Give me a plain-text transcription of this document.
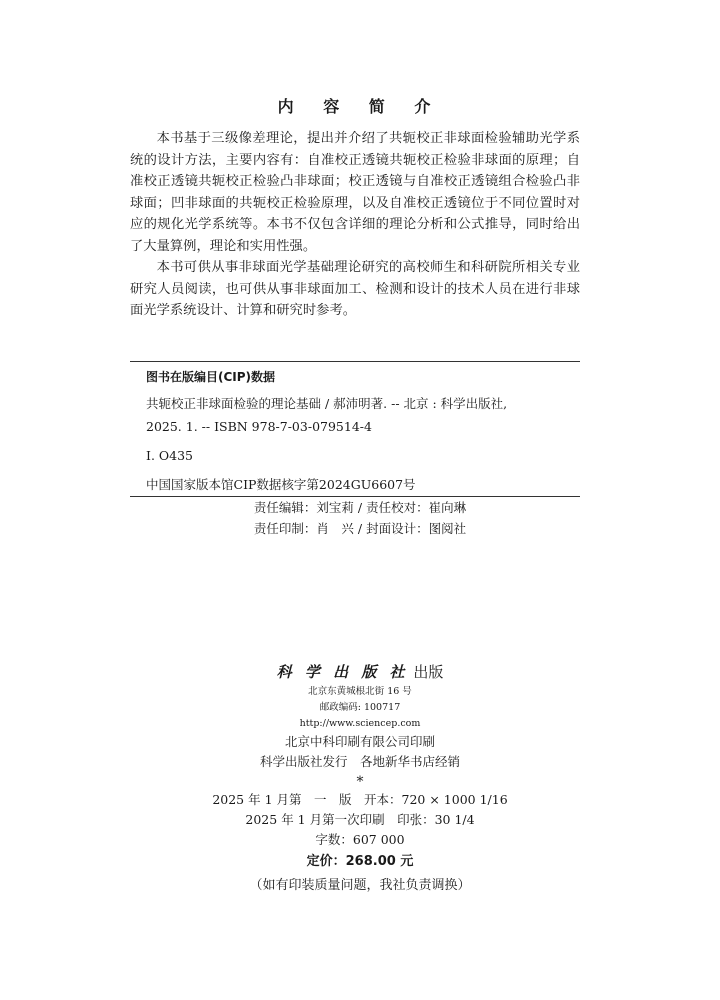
内 容 简 介

本书基于三级像差理论，提出并介绍了共轭校正非球面检验辅助光学系统的设计方法，主要内容有：自准校正透镜共轭校正检验非球面的原理；自准校正透镜共轭校正检验凸非球面；校正透镜与自准校正透镜组合检验凸非球面；凹非球面的共轭校正检验原理，以及自准校正透镜位于不同位置时对应的规化光学系统等。本书不仅包含详细的理论分析和公式推导，同时给出了大量算例，理论和实用性强。

本书可供从事非球面光学基础理论研究的高校师生和科研院所相关专业研究人员阅读，也可供从事非球面加工、检测和设计的技术人员在进行非球面光学系统设计、计算和研究时参考。

图书在版编目(CIP)数据
共轭校正非球面检验的理论基础 / 郝沛明著. -- 北京 : 科学出版社,
2025. 1. -- ISBN 978-7-03-079514-4
Ⅰ. O435
中国国家版本馆CIP数据核字第2024GU6607号
责任编辑：刘宝莉 / 责任校对：崔向琳
责任印制：肖　兴 / 封面设计：图阅社
科 学 出 版 社 出版
北京东黄城根北街 16 号
邮政编码: 100717
http://www.sciencep.com
北京中科印刷有限公司印刷
科学出版社发行　各地新华书店经销
*
2025 年 1 月第　一　版　开本：720 × 1000 1/16
2025 年 1 月第一次印刷　印张：30 1/4
字数：607 000
定价：268.00 元
（如有印装质量问题，我社负责调换）
